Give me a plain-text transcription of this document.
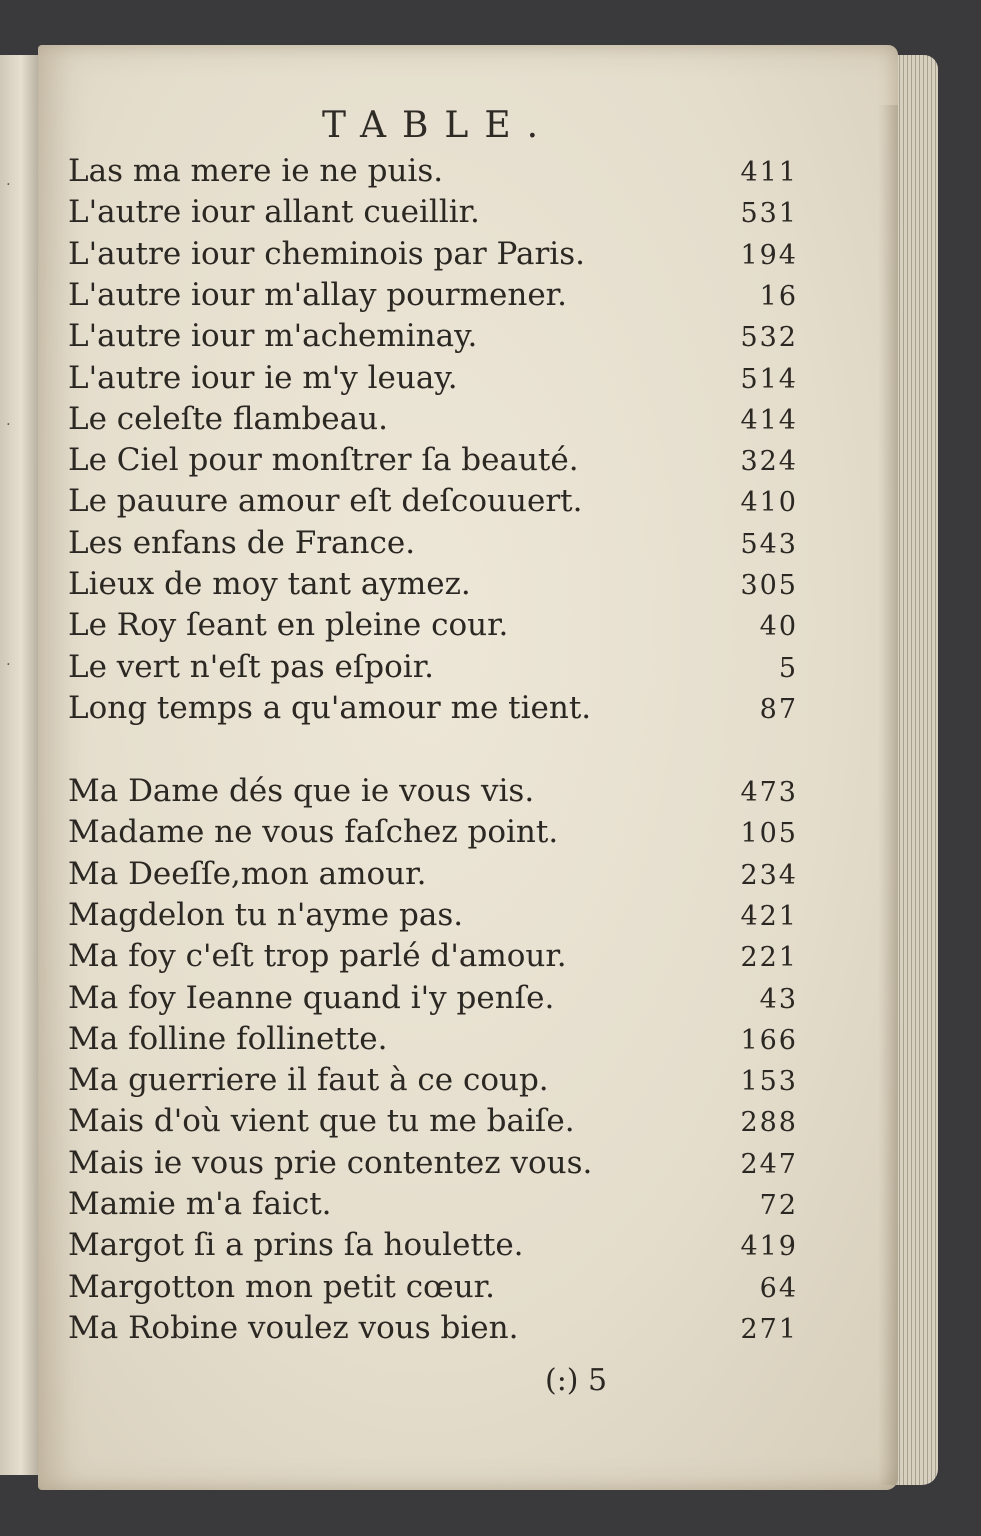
·
·
·
TABLE.
Las ma mere ie ne puis.	411
L'autre iour allant cueillir.	531
L'autre iour cheminois par Paris.	194
L'autre iour m'allay pourmener.	16
L'autre iour m'acheminay.	532
L'autre iour ie m'y leuay.	514
Le celeſte flambeau.	414
Le Ciel pour monſtrer ſa beauté.	324
Le pauure amour eſt deſcouuert.	410
Les enfans de France.	543
Lieux de moy tant aymez.	305
Le Roy ſeant en pleine cour.	40
Le vert n'eſt pas eſpoir.	5
Long temps a qu'amour me tient.	87
Ma Dame dés que ie vous vis.	473
Madame ne vous faſchez point.	105
Ma Deeſſe,mon amour.	234
Magdelon tu n'ayme pas.	421
Ma foy c'eſt trop parlé d'amour.	221
Ma foy Ieanne quand i'y penſe.	43
Ma folline follinette.	166
Ma guerriere il faut à ce coup.	153
Mais d'où vient que tu me baiſe.	288
Mais ie vous prie contentez vous.	247
Mamie m'a faict.	72
Margot ſi a prins ſa houlette.	419
Margotton mon petit cœur.	64
Ma Robine voulez vous bien.	271
(:) 5
